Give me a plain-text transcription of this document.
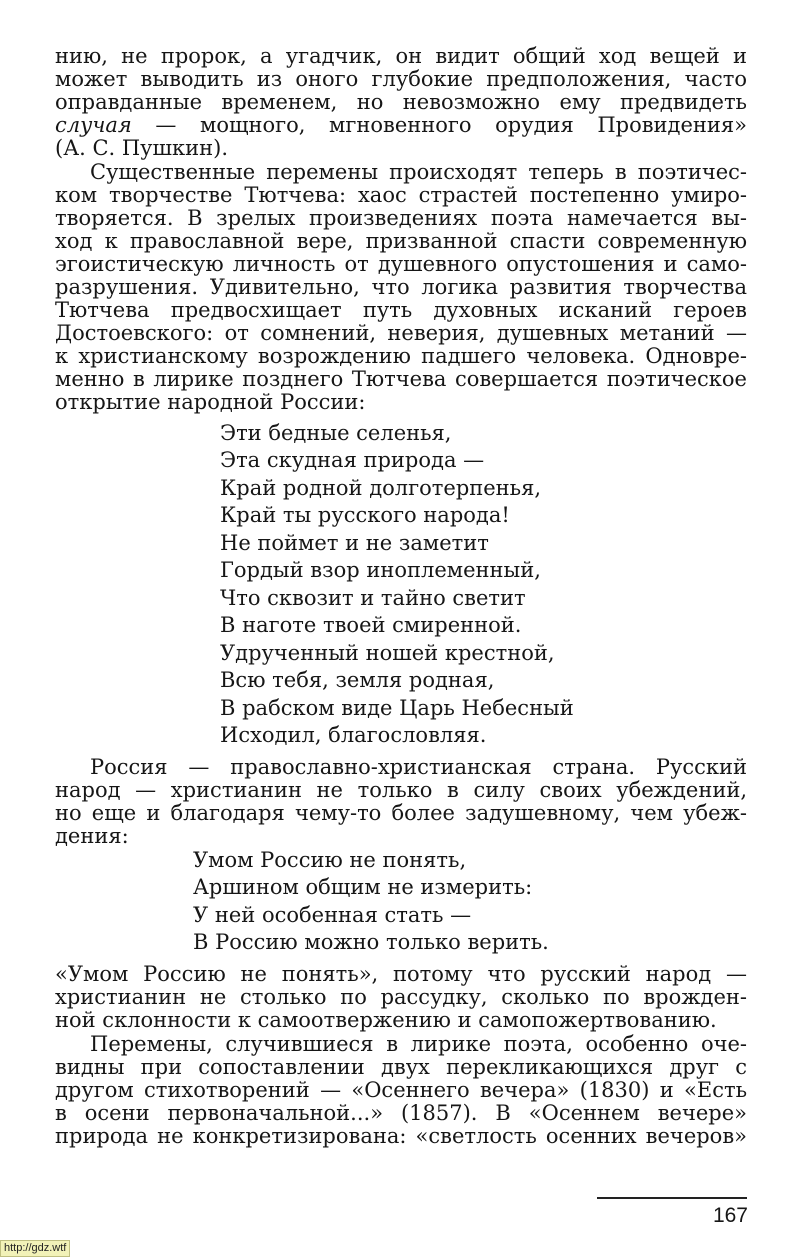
нию, не пророк, а угадчик, он видит общий ход вещей и
может выводить из оного глубокие предположения, часто
оправданные временем, но невозможно ему предвидеть
случая — мощного, мгновенного орудия Провидения»
(А. С. Пушкин).
Существенные перемены происходят теперь в поэтичес-
ком творчестве Тютчева: хаос страстей постепенно умиро-
творяется. В зрелых произведениях поэта намечается вы-
ход к православной вере, призванной спасти современную
эгоистическую личность от душевного опустошения и само-
разрушения. Удивительно, что логика развития творчества
Тютчева предвосхищает путь духовных исканий героев
Достоевского: от сомнений, неверия, душевных метаний —
к христианскому возрождению падшего человека. Одновре-
менно в лирике позднего Тютчева совершается поэтическое
открытие народной России:
Эти бедные селенья,
Эта скудная природа —
Край родной долготерпенья,
Край ты русского народа!
Не поймет и не заметит
Гордый взор иноплеменный,
Что сквозит и тайно светит
В наготе твоей смиренной.
Удрученный ношей крестной,
Всю тебя, земля родная,
В рабском виде Царь Небесный
Исходил, благословляя.
Россия — православно-христианская страна. Русский
народ — христианин не только в силу своих убеждений,
но еще и благодаря чему-то более задушевному, чем убеж-
дения:
Умом Россию не понять,
Аршином общим не измерить:
У ней особенная стать —
В Россию можно только верить.
«Умом Россию не понять», потому что русский народ —
христианин не столько по рассудку, сколько по врожден-
ной склонности к самоотвержению и самопожертвованию.
Перемены, случившиеся в лирике поэта, особенно оче-
видны при сопоставлении двух перекликающихся друг с
другом стихотворений — «Осеннего вечера» (1830) и «Есть
в осени первоначальной...» (1857). В «Осеннем вечере»
природа не конкретизирована: «светлость осенних вечеров»
167
http://gdz.wtf
